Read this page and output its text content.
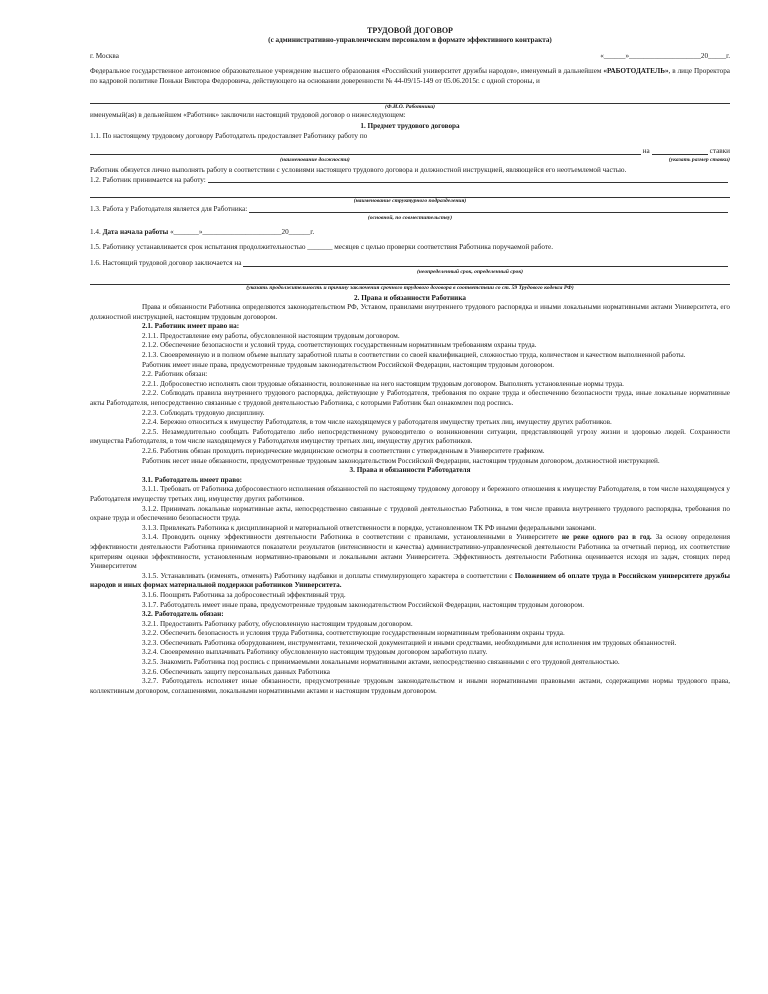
ТРУДОВОЙ ДОГОВОР
(с административно-управленческим персоналом в формате эффективного контракта)
г. Москва	«______»____________________20_____г.

Федеральное государственное автономное образовательное учреждение высшего образования «Российский университет дружбы народов», именуемый в дальнейшем «РАБОТОДАТЕЛЬ», в лице Проректора по кадровой политике Поньки Виктора Федоровича, действующего на основании доверенности № 44-09/15-149 от 05.06.2015г. с одной стороны, и

(Ф.И.О. Работника)

именуемый(ая) в дельнейшем «Работник» заключили настоящий трудовой договор о нижеследующем:

1. Предмет трудового договора

1.1. По настоящему трудовому договору Работодатель предоставляет Работнику работу по

на	ставки
(наименование должности)	(указать размер ставки)

Работник обязуется лично выполнять работу в соответствии с условиями настоящего трудового договора и должностной инструкцией, являющейся его неотъемлемой частью.

1.2. Работник принимается на работу:
(наименование структурного подразделения)
1.3. Работа у Работодателя является для Работника:
(основной, по совместительству)

1.4. Дата начала работы «_______»______________________20______г.

1.5. Работнику устанавливается срок испытания продолжительностью _______ месяцев с целью проверки соответствия Работника поручаемой работе.

1.6. Настоящий трудовой договор заключается на
(неопределенный срок, определенный срок)
(указать продолжительность и причину заключения срочного трудового договора в соответствии со ст. 59 Трудового кодекса РФ)
2. Права и обязанности Работника

Права и обязанности Работника определяются законодательством РФ, Уставом, правилами внутреннего трудового распорядка и иными локальными нормативными актами Университета, его должностной инструкцией, настоящим трудовым договором.

2.1. Работник имеет право на:

2.1.1. Предоставление ему работы, обусловленной настоящим трудовым договором.

2.1.2. Обеспечение безопасности и условий труда, соответствующих государственным нормативным требованиям охраны труда.

2.1.3. Своевременную и в полном объеме выплату заработной платы в соответствии со своей квалификацией, сложностью труда, количеством и качеством выполненной работы.

Работник имеет иные права, предусмотренные трудовым законодательством Российской Федерации, настоящим трудовым договором.

2.2. Работник обязан:

2.2.1. Добросовестно исполнять свои трудовые обязанности, возложенные на него настоящим трудовым договором. Выполнять установленные нормы труда.

2.2.2. Соблюдать правила внутреннего трудового распорядка, действующие у Работодателя, требования по охране труда и обеспечению безопасности труда, иные локальные нормативные акты Работодателя, непосредственно связанные с трудовой деятельностью Работника, с которыми Работник был ознакомлен под роспись.

2.2.3. Соблюдать трудовую дисциплину.

2.2.4. Бережно относиться к имуществу Работодателя, в том числе находящемуся у работодателя имуществу третьих лиц, имуществу других работников.

2.2.5. Незамедлительно сообщать Работодателю либо непосредственному руководителю о возникновении ситуации, представляющей угрозу жизни и здоровью людей. Сохранности имущества Работодателя, в том числе находящемуся у Работодателя имуществу третьих лиц, имуществу других работников.

2.2.6. Работник обязан проходить периодические медицинские осмотры в соответствии с утвержденным в Университете графиком.

Работник несет иные обязанности, предусмотренные трудовым законодательством Российской Федерации, настоящим трудовым договором, должностной инструкцией.

3. Права и обязанности Работодателя

3.1. Работодатель имеет право:

3.1.1. Требовать от Работника добросовестного исполнения обязанностей по настоящему трудовому договору и бережного отношения к имуществу Работодателя, в том числе находящемуся у Работодателя имуществу третьих лиц, имуществу других работников.

3.1.2. Принимать локальные нормативные акты, непосредственно связанные с трудовой деятельностью Работника, в том числе правила внутреннего трудового распорядка, требования по охране труда и обеспечению безопасности труда.

3.1.3. Привлекать Работника к дисциплинарной и материальной ответственности в порядке, установленном ТК РФ иными федеральными законами.

3.1.4. Проводить оценку эффективности деятельности Работника в соответствии с правилами, установленными в Университете не реже одного раз в год. За основу определения эффективности деятельности Работника принимаются показатели результатов (интенсивности и качества) административно-управленческой деятельности Работника за отчетный период, их соответствие критериям оценки эффективности, установленным нормативно-правовыми и локальными актами Университета. Эффективность деятельности Работника оценивается исходя из задач, стоящих перед Университетом

3.1.5. Устанавливать (изменять, отменять) Работнику надбавки и доплаты стимулирующего характера в соответствии с Положением об оплате труда в Российском университете дружбы народов и иных формах материальной поддержки работников Университета.

3.1.6. Поощрять Работника за добросовестный эффективный труд.

3.1.7. Работодатель имеет иные права, предусмотренные трудовым законодательством Российской Федерации, настоящим трудовым договором.

3.2. Работодатель обязан:

3.2.1. Предоставить Работнику работу, обусловленную настоящим трудовым договором.

3.2.2. Обеспечить безопасность и условия труда Работника, соответствующие государственным нормативным требованиям охраны труда.

3.2.3. Обеспечивать Работника оборудованием, инструментами, технической документацией и иными средствами, необходимыми для исполнения им трудовых обязанностей.

3.2.4. Своевременно выплачивать Работнику обусловленную настоящим трудовым договором заработную плату.

3.2.5. Знакомить Работника под роспись с принимаемыми локальными нормативными актами, непосредственно связанными с его трудовой деятельностью.

3.2.6. Обеспечивать защиту персональных данных Работника

3.2.7. Работодатель исполняет иные обязанности, предусмотренные трудовым законодательством и иными нормативными правовыми актами, содержащими нормы трудового права, коллективным договором, соглашениями, локальными нормативными актами и настоящим трудовым договором.
